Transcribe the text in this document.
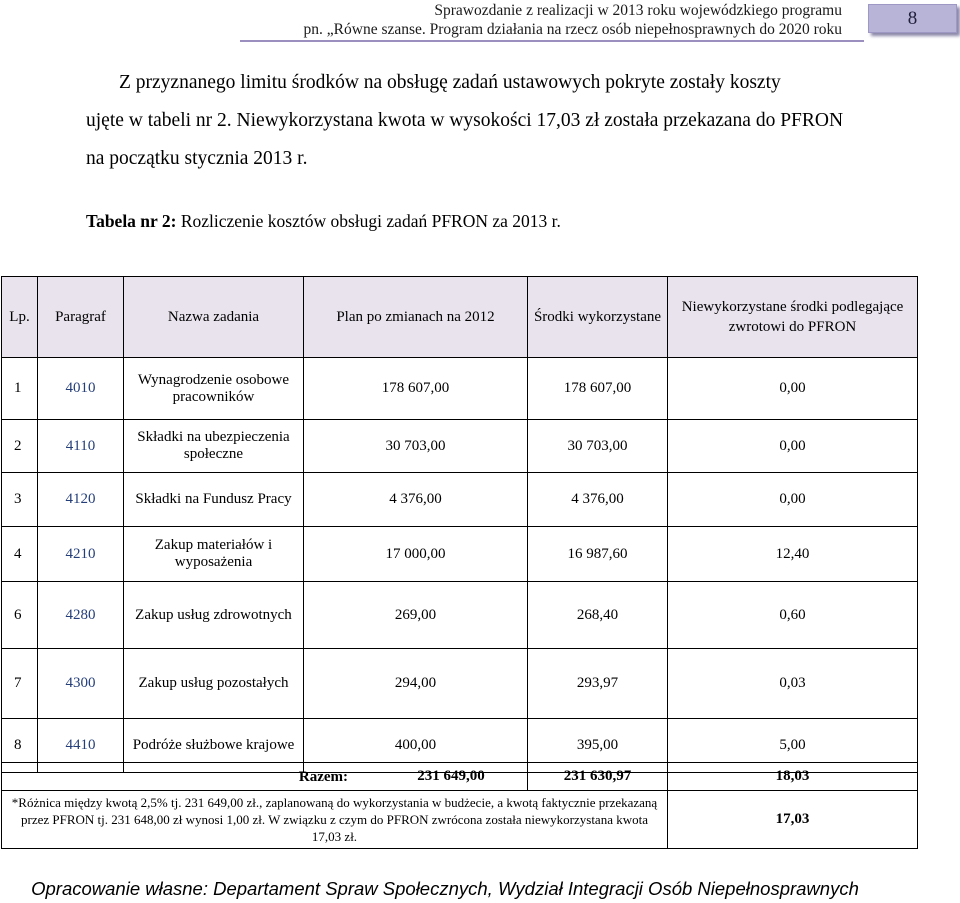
Sprawozdanie z realizacji w 2013 roku wojewódzkiego programu
pn. „Równe szanse. Program działania na rzecz osób niepełnosprawnych do 2020 roku	8
Z przyznanego limitu środków na obsługę zadań ustawowych pokryte zostały koszty
ujęte w tabeli nr 2. Niewykorzystana kwota w wysokości 17,03 zł została przekazana do PFRON
na początku stycznia 2013 r.
Tabela nr 2: Rozliczenie kosztów obsługi zadań PFRON za 2013 r.
Lp.	Paragraf	Nazwa zadania	Plan po zmianach na 2012	Środki wykorzystane	Niewykorzystane środki podlegające zwrotowi do PFRON
1	4010	Wynagrodzenie osobowe pracowników	178 607,00	178 607,00	0,00
2	4110	Składki na ubezpieczenia społeczne	30 703,00	30 703,00	0,00
3	4120	Składki na Fundusz Pracy	4 376,00	4 376,00	0,00
4	4210	Zakup materiałów i wyposażenia	17 000,00	16 987,60	12,40
6	4280	Zakup usług zdrowotnych	269,00	268,40	0,60
7	4300	Zakup usług pozostałych	294,00	293,97	0,03
8	4410	Podróże służbowe krajowe	400,00	395,00	5,00
Razem: 231 649,00	231 630,97	18,03
*Różnica między kwotą 2,5% tj. 231 649,00 zł., zaplanowaną do wykorzystania w budżecie, a kwotą faktycznie przekazaną przez PFRON tj. 231 648,00 zł wynosi 1,00 zł. W związku z czym do PFRON zwrócona została niewykorzystana kwota 17,03 zł.		17,03
Opracowanie własne: Departament Spraw Społecznych, Wydział Integracji Osób Niepełnosprawnych
